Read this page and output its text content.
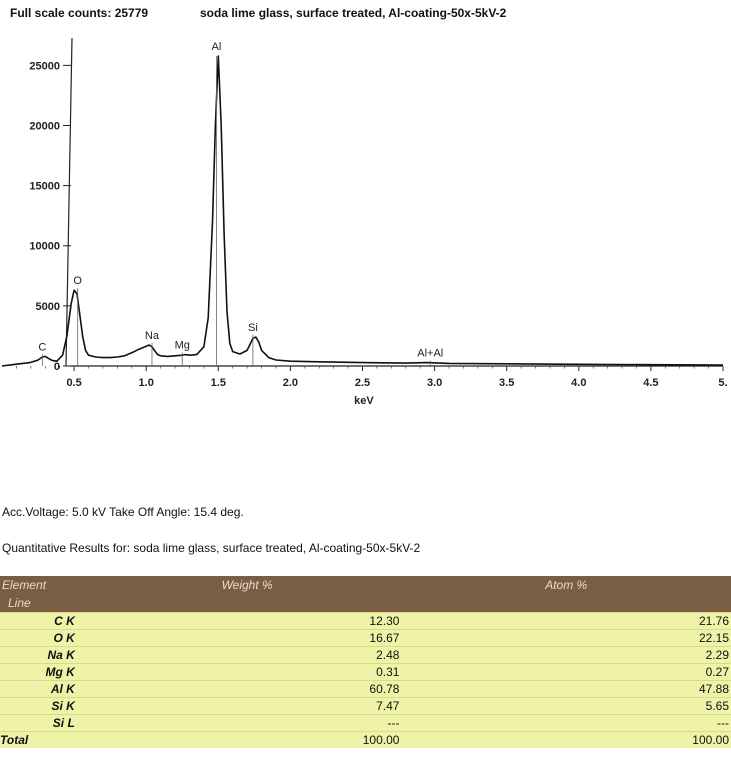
Full scale counts: 25779	soda lime glass, surface treated, Al-coating-50x-5kV-2
0
5000
10000
15000
20000
25000
0.5	1.0	1.5	2.0	2.5	3.0	3.5	4.0	4.5	5.
keV
C
O
Na
Mg
Al
Si
Al+Al
Acc.Voltage: 5.0 kV Take Off Angle: 15.4 deg.
Quantitative Results for: soda lime glass, surface treated, Al-coating-50x-5kV-2
Element	Weight %	Atom %
Line		
C K	12.30	21.76
O K	16.67	22.15
Na K	2.48	2.29
Mg K	0.31	0.27
Al K	60.78	47.88
Si K	7.47	5.65
Si L	---	---
Total	100.00	100.00
